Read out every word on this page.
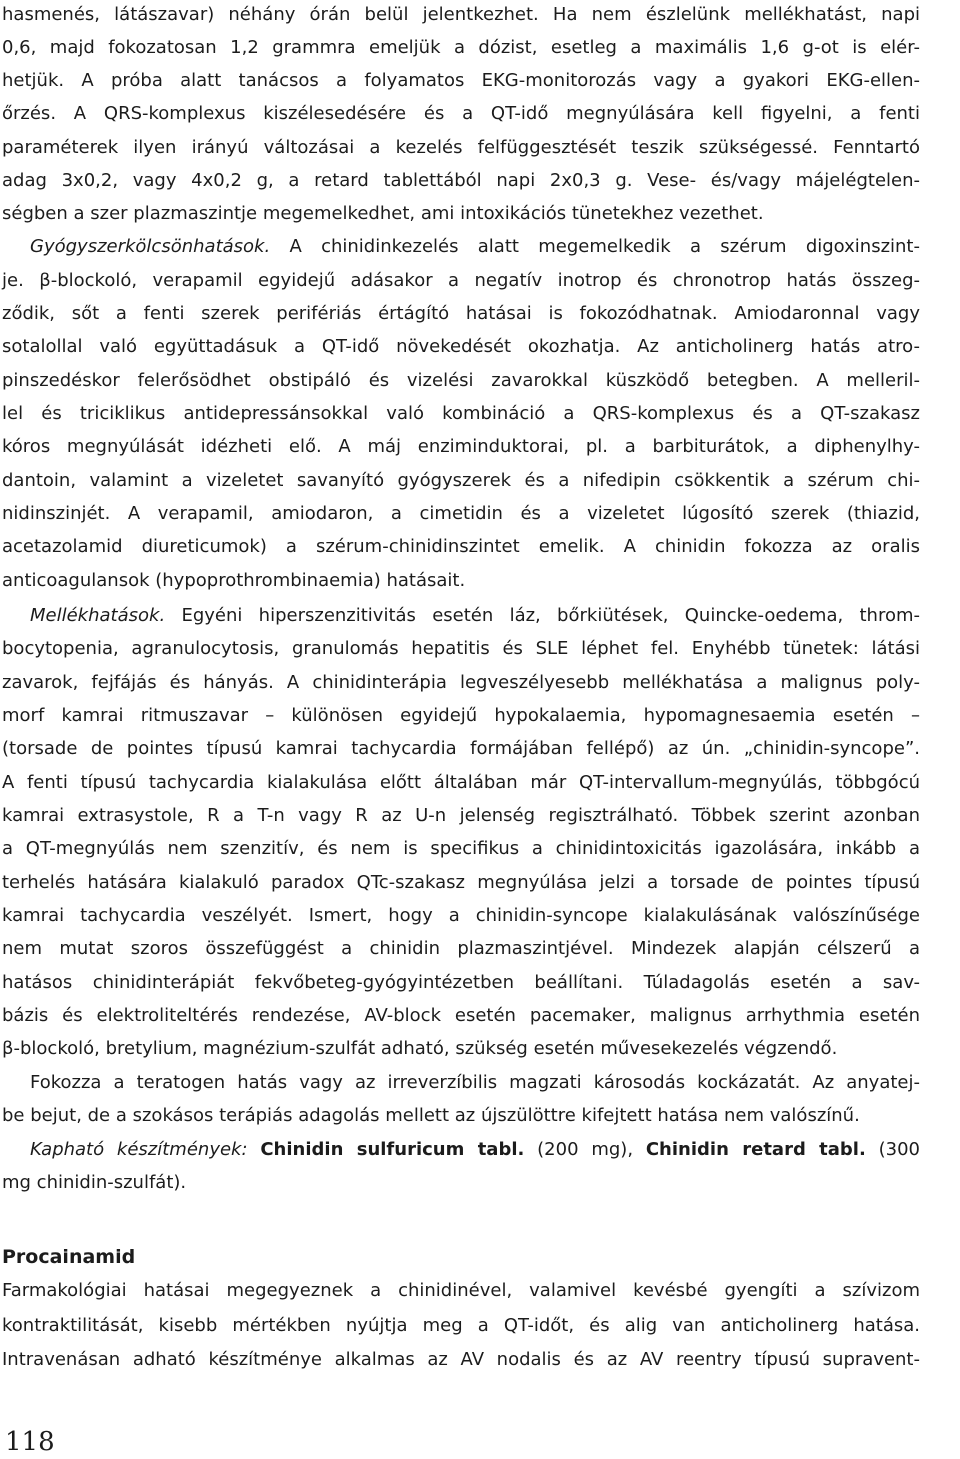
hasmenés, látászavar) néhány órán belül jelentkezhet. Ha nem észlelünk mellékhatást, napi
0,6, majd fokozatosan 1,2 grammra emeljük a dózist, esetleg a maximális 1,6 g-ot is elér-
hetjük. A próba alatt tanácsos a folyamatos EKG-monitorozás vagy a gyakori EKG-ellen-
őrzés. A QRS-komplexus kiszélesedésére és a QT-idő megnyúlására kell figyelni, a fenti
paraméterek ilyen irányú változásai a kezelés felfüggesztését teszik szükségessé. Fenntartó
adag 3x0,2, vagy 4x0,2 g, a retard tablettából napi 2x0,3 g. Vese- és/vagy májelégtelen-
ségben a szer plazmaszintje megemelkedhet, ami intoxikációs tünetekhez vezethet.
Gyógyszerkölcsönhatások. A chinidinkezelés alatt megemelkedik a szérum digoxinszint-
je. β-blockoló, verapamil egyidejű adásakor a negatív inotrop és chronotrop hatás összeg-
ződik, sőt a fenti szerek perifériás értágító hatásai is fokozódhatnak. Amiodaronnal vagy
sotalollal való együttadásuk a QT-idő növekedését okozhatja. Az anticholinerg hatás atro-
pinszedéskor felerősödhet obstipáló és vizelési zavarokkal küszködő betegben. A melleril-
lel és triciklikus antidepressánsokkal való kombináció a QRS-komplexus és a QT-szakasz
kóros megnyúlását idézheti elő. A máj enziminduktorai, pl. a barbiturátok, a diphenylhy-
dantoin, valamint a vizeletet savanyító gyógyszerek és a nifedipin csökkentik a szérum chi-
nidinszinjét. A verapamil, amiodaron, a cimetidin és a vizeletet lúgosító szerek (thiazid,
acetazolamid diureticumok) a szérum-chinidinszintet emelik. A chinidin fokozza az oralis
anticoagulansok (hypoprothrombinaemia) hatásait.
Mellékhatások. Egyéni hiperszenzitivitás esetén láz, bőrkiütések, Quincke-oedema, throm-
bocytopenia, agranulocytosis, granulomás hepatitis és SLE léphet fel. Enyhébb tünetek: látási
zavarok, fejfájás és hányás. A chinidinterápia legveszélyesebb mellékhatása a malignus poly-
morf kamrai ritmuszavar – különösen egyidejű hypokalaemia, hypomagnesaemia esetén –
(torsade de pointes típusú kamrai tachycardia formájában fellépő) az ún. „chinidin-syncope”.
A fenti típusú tachycardia kialakulása előtt általában már QT-intervallum-megnyúlás, többgócú
kamrai extrasystole, R a T-n vagy R az U-n jelenség regisztrálható. Többek szerint azonban
a QT-megnyúlás nem szenzitív, és nem is specifikus a chinidintoxicitás igazolására, inkább a
terhelés hatására kialakuló paradox QTc-szakasz megnyúlása jelzi a torsade de pointes típusú
kamrai tachycardia veszélyét. Ismert, hogy a chinidin-syncope kialakulásának valószínűsége
nem mutat szoros összefüggést a chinidin plazmaszintjével. Mindezek alapján célszerű a
hatásos chinidinterápiát fekvőbeteg-gyógyintézetben beállítani. Túladagolás esetén a sav-
bázis és elektroliteltérés rendezése, AV-block esetén pacemaker, malignus arrhythmia esetén
β-blockoló, bretylium, magnézium-szulfát adható, szükség esetén művesekezelés végzendő.
Fokozza a teratogen hatás vagy az irreverzíbilis magzati károsodás kockázatát. Az anyatej-
be bejut, de a szokásos terápiás adagolás mellett az újszülöttre kifejtett hatása nem valószínű.
Kapható készítmények: Chinidin sulfuricum tabl. (200 mg), Chinidin retard tabl. (300
mg chinidin-szulfát).
Procainamid
Farmakológiai hatásai megegyeznek a chinidinével, valamivel kevésbé gyengíti a szívizom
kontraktilitását, kisebb mértékben nyújtja meg a QT-időt, és alig van anticholinerg hatása.
Intravenásan adható készítménye alkalmas az AV nodalis és az AV reentry típusú supravent-
118
